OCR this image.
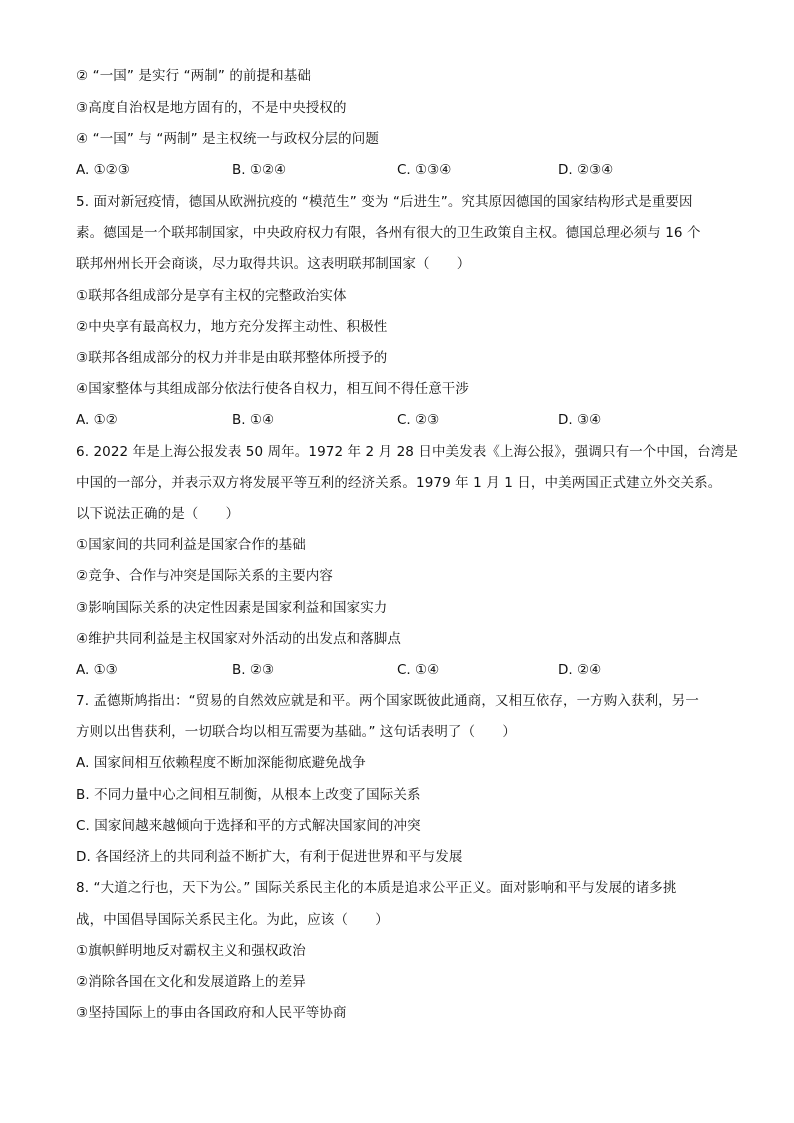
② “一国” 是实行 “两制” 的前提和基础
③高度自治权是地方固有的，不是中央授权的
④ “一国” 与 “两制” 是主权统一与政权分层的问题
A. ①②③	B. ①②④	C. ①③④	D. ②③④
5. 面对新冠疫情，德国从欧洲抗疫的 “模范生” 变为 “后进生”。究其原因德国的国家结构形式是重要因
素。德国是一个联邦制国家，中央政府权力有限，各州有很大的卫生政策自主权。德国总理必须与 16 个
联邦州州长开会商谈，尽力取得共识。这表明联邦制国家（　　）
①联邦各组成部分是享有主权的完整政治实体
②中央享有最高权力，地方充分发挥主动性、积极性
③联邦各组成部分的权力并非是由联邦整体所授予的
④国家整体与其组成部分依法行使各自权力，相互间不得任意干涉
A. ①②	B. ①④	C. ②③	D. ③④
6. 2022 年是上海公报发表 50 周年。1972 年 2 月 28 日中美发表《上海公报》，强调只有一个中国，台湾是
中国的一部分，并表示双方将发展平等互利的经济关系。1979 年 1 月 1 日，中美两国正式建立外交关系。
以下说法正确的是（　　）
①国家间的共同利益是国家合作的基础
②竞争、合作与冲突是国际关系的主要内容
③影响国际关系的决定性因素是国家利益和国家实力
④维护共同利益是主权国家对外活动的出发点和落脚点
A. ①③	B. ②③	C. ①④	D. ②④
7. 孟德斯鸠指出：“贸易的自然效应就是和平。两个国家既彼此通商，又相互依存，一方购入获利，另一
方则以出售获利，一切联合均以相互需要为基础。” 这句话表明了（　　）
A. 国家间相互依赖程度不断加深能彻底避免战争
B. 不同力量中心之间相互制衡，从根本上改变了国际关系
C. 国家间越来越倾向于选择和平的方式解决国家间的冲突
D. 各国经济上的共同利益不断扩大，有利于促进世界和平与发展
8. “大道之行也，天下为公。” 国际关系民主化的本质是追求公平正义。面对影响和平与发展的诸多挑
战，中国倡导国际关系民主化。为此，应该（　　）
①旗帜鲜明地反对霸权主义和强权政治
②消除各国在文化和发展道路上的差异
③坚持国际上的事由各国政府和人民平等协商
